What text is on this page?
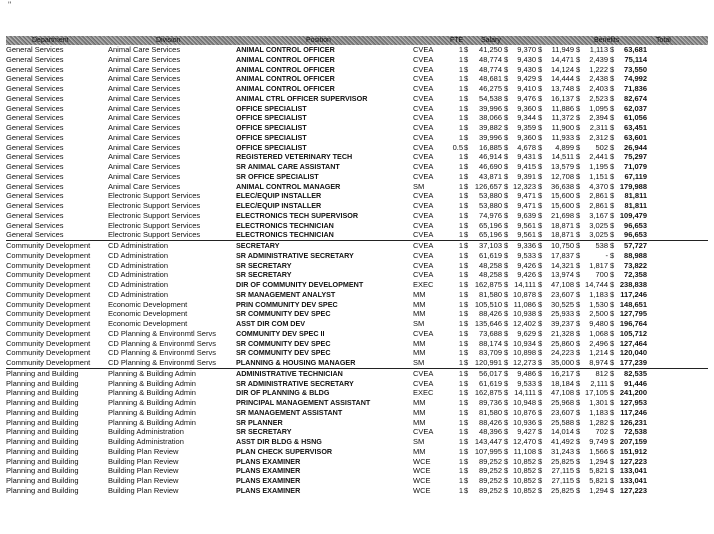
"
Department	Division	Position	FTE	Salary	Benefits	Total
General Services	Animal Care Services	ANIMAL CONTROL OFFICER	CVEA	1 $	41,250 $	9,370 $	11,949 $	1,113 $	63,681
General Services	Animal Care Services	ANIMAL CONTROL OFFICER	CVEA	1 $	48,774 $	9,430 $	14,471 $	2,439 $	75,114
General Services	Animal Care Services	ANIMAL CONTROL OFFICER	CVEA	1 $	48,774 $	9,430 $	14,124 $	1,222 $	73,550
General Services	Animal Care Services	ANIMAL CONTROL OFFICER	CVEA	1 $	48,681 $	9,429 $	14,444 $	2,438 $	74,992
General Services	Animal Care Services	ANIMAL CONTROL OFFICER	CVEA	1 $	46,275 $	9,410 $	13,748 $	2,403 $	71,836
General Services	Animal Care Services	ANIMAL CTRL OFFICER SUPERVISOR	CVEA	1 $	54,538 $	9,476 $	16,137 $	2,523 $	82,674
General Services	Animal Care Services	OFFICE SPECIALIST	CVEA	1 $	39,996 $	9,360 $	11,886 $	1,095 $	62,037
General Services	Animal Care Services	OFFICE SPECIALIST	CVEA	1 $	38,066 $	9,344 $	11,372 $	2,394 $	61,056
General Services	Animal Care Services	OFFICE SPECIALIST	CVEA	1 $	39,882 $	9,359 $	11,900 $	2,311 $	63,451
General Services	Animal Care Services	OFFICE SPECIALIST	CVEA	1 $	39,996 $	9,360 $	11,933 $	2,312 $	63,601
General Services	Animal Care Services	OFFICE SPECIALIST	CVEA	0.5 $	16,885 $	4,678 $	4,899 $	502 $	26,944
General Services	Animal Care Services	REGISTERED VETERINARY TECH	CVEA	1 $	46,914 $	9,431 $	14,511 $	2,441 $	75,297
General Services	Animal Care Services	SR ANIMAL CARE ASSISTANT	CVEA	1 $	46,690 $	9,415 $	13,579 $	1,195 $	71,079
General Services	Animal Care Services	SR OFFICE SPECIALIST	CVEA	1 $	43,871 $	9,391 $	12,708 $	1,151 $	67,119
General Services	Animal Care Services	ANIMAL CONTROL MANAGER	SM	1 $ 126,657 $ 12,323 $	36,638 $	4,370 $ 179,988
General Services	Electronic Support Services	ELEC/EQUIP INSTALLER	CVEA	1 $	53,880 $	9,471 $	15,600 $	2,861 $	81,811
General Services	Electronic Support Services	ELEC/EQUIP INSTALLER	CVEA	1 $	53,880 $	9,471 $	15,600 $	2,861 $	81,811
General Services	Electronic Support Services	ELECTRONICS TECH SUPERVISOR	CVEA	1 $	74,976 $	9,639 $	21,698 $	3,167 $ 109,479
General Services	Electronic Support Services	ELECTRONICS TECHNICIAN	CVEA	1 $	65,196 $	9,561 $	18,871 $	3,025 $	96,653
General Services	Electronic Support Services	ELECTRONICS TECHNICIAN	CVEA	1 $	65,196 $	9,561 $	18,871 $	3,025 $	96,653
Community Development	CD Administration	SECRETARY	CVEA	1 $	37,103 $	9,336 $	10,750 $	538 $	57,727
Community Development	CD Administration	SR ADMINISTRATIVE SECRETARY	CVEA	1 $	61,619 $	9,533 $	17,837 $	- $	88,988
Community Development	CD Administration	SR SECRETARY	CVEA	1 $	48,258 $	9,426 $	14,321 $	1,817 $	73,822
Community Development	CD Administration	SR SECRETARY	CVEA	1 $	48,258 $	9,426 $	13,974 $	700 $	72,358
Community Development	CD Administration	DIR OF COMMUNITY DEVELOPMENT	EXEC	1 $ 162,875 $ 14,111 $	47,108 $ 14,744 $ 238,838
Community Development	CD Administration	SR MANAGEMENT ANALYST	MM	1 $	81,580 $ 10,878 $	23,607 $	1,183 $ 117,246
Community Development	Economic Development	PRIN COMMUNITY DEV SPEC	MM	1 $ 105,510 $ 11,086 $	30,525 $	1,530 $ 148,651
Community Development	Economic Development	SR COMMUNITY DEV SPEC	MM	1 $	88,426 $ 10,938 $	25,933 $	2,500 $ 127,795
Community Development	Economic Development	ASST DIR COM DEV	SM	1 $ 135,646 $ 12,402 $	39,237 $	9,480 $ 196,764
Community Development	CD Planning & Environmtl Servs	COMMUNITY DEV SPEC II	CVEA	1 $	73,688 $	9,629 $	21,328 $	1,068 $ 105,712
Community Development	CD Planning & Environmtl Servs	SR COMMUNITY DEV SPEC	MM	1 $	88,174 $ 10,934 $	25,860 $	2,496 $ 127,464
Community Development	CD Planning & Environmtl Servs	SR COMMUNITY DEV SPEC	MM	1 $	83,709 $ 10,898 $	24,223 $	1,214 $ 120,040
Community Development	CD Planning & Environmtl Servs	PLANNING & HOUSING MANAGER	SM	1 $ 120,991 $ 12,273 $	35,000 $	8,974 $ 177,239
Planning and Building	Planning & Building Admin	ADMINISTRATIVE TECHNICIAN	CVEA	1 $	56,017 $	9,486 $	16,217 $	812 $	82,535
Planning and Building	Planning & Building Admin	SR ADMINISTRATIVE SECRETARY	CVEA	1 $	61,619 $	9,533 $	18,184 $	2,111 $	91,446
Planning and Building	Planning & Building Admin	DIR OF PLANNING & BLDG	EXEC	1 $ 162,875 $ 14,111 $	47,108 $ 17,105 $ 241,200
Planning and Building	Planning & Building Admin	PRINCIPAL MANAGEMENT ASSISTANT	MM	1 $	89,736 $ 10,948 $	25,968 $	1,301 $ 127,953
Planning and Building	Planning & Building Admin	SR MANAGEMENT ASSISTANT	MM	1 $	81,580 $ 10,876 $	23,607 $	1,183 $ 117,246
Planning and Building	Planning & Building Admin	SR PLANNER	MM	1 $	88,426 $ 10,936 $	25,588 $	1,282 $ 126,231
Planning and Building	Building Administration	SR SECRETARY	CVEA	1 $	48,396 $	9,427 $	14,014 $	702 $	72,538
Planning and Building	Building Administration	ASST DIR BLDG & HSNG	SM	1 $ 143,447 $ 12,470 $	41,492 $	9,749 $ 207,159
Planning and Building	Building Plan Review	PLAN CHECK SUPERVISOR	MM	1 $ 107,995 $ 11,108 $	31,243 $	1,566 $ 151,912
Planning and Building	Building Plan Review	PLANS EXAMINER	WCE	1 $	89,252 $ 10,852 $	25,825 $	1,294 $ 127,223
Planning and Building	Building Plan Review	PLANS EXAMINER	WCE	1 $	89,252 $ 10,852 $	27,115 $	5,821 $ 133,041
Planning and Building	Building Plan Review	PLANS EXAMINER	WCE	1 $	89,252 $ 10,852 $	27,115 $	5,821 $ 133,041
Planning and Building	Building Plan Review	PLANS EXAMINER	WCE	1 $	89,252 $ 10,852 $	25,825 $	1,294 $ 127,223
